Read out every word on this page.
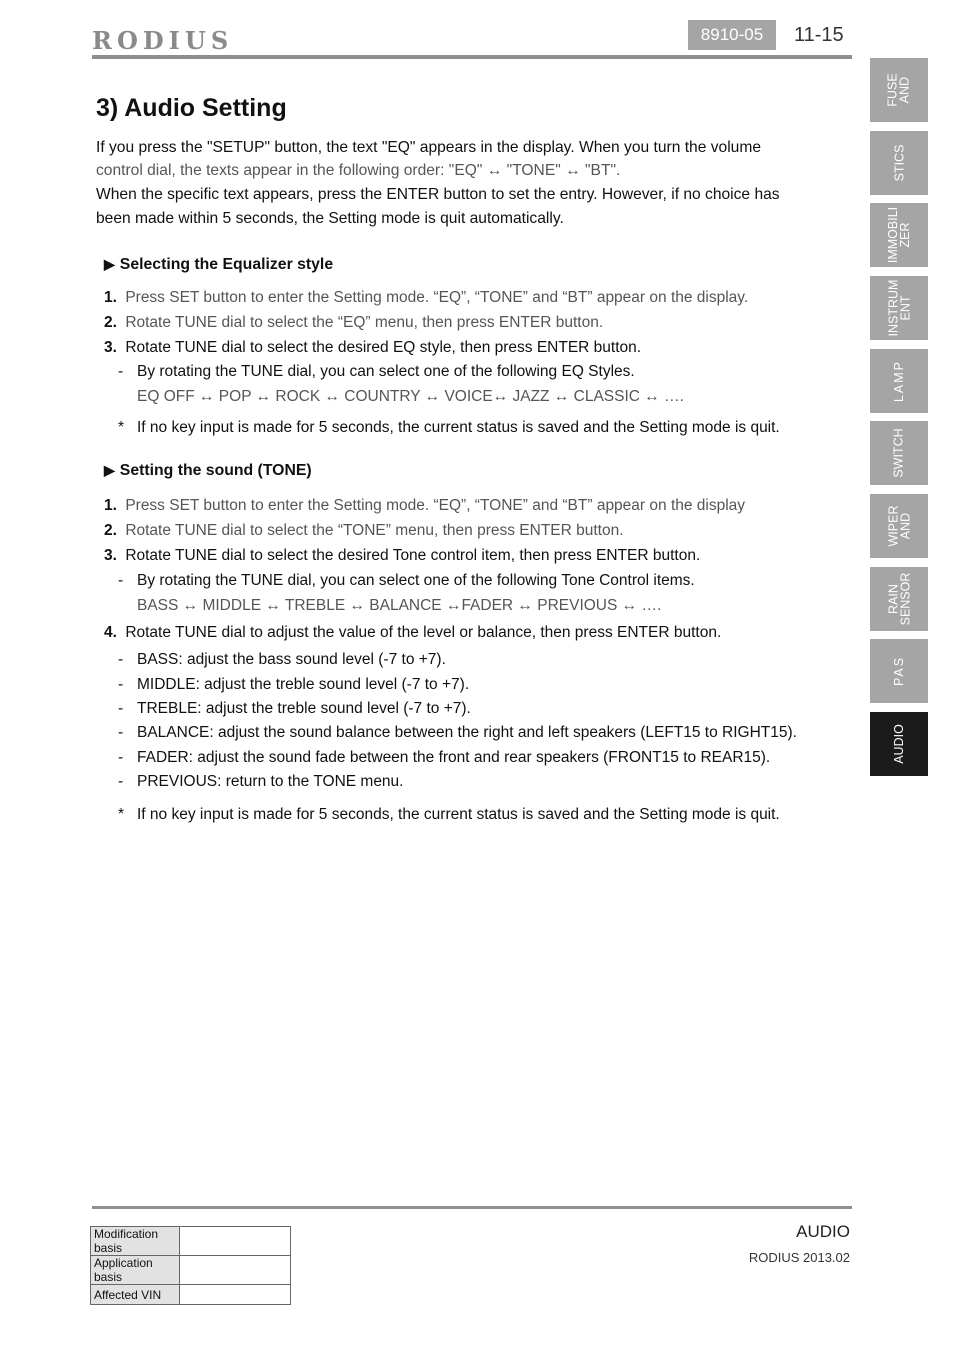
RODIUS	8910-05	11-15
3) Audio Setting
If you press the "SETUP" button, the text "EQ" appears in the display. When you turn the volume
control dial, the texts appear in the following order: "EQ" ↔ "TONE" ↔ "BT".
When the specific text appears, press the ENTER button to set the entry. However, if no choice has
been made within 5 seconds, the Setting mode is quit automatically.
▶ Selecting the Equalizer style
1. Press SET button to enter the Setting mode. “EQ”, “TONE” and “BT” appear on the display.
2. Rotate TUNE dial to select the “EQ” menu, then press ENTER button.
3. Rotate TUNE dial to select the desired EQ style, then press ENTER button.
- By rotating the TUNE dial, you can select one of the following EQ Styles.
EQ OFF ↔ POP ↔ ROCK ↔ COUNTRY ↔ VOICE↔ JAZZ ↔ CLASSIC ↔ ….
* If no key input is made for 5 seconds, the current status is saved and the Setting mode is quit.
▶ Setting the sound (TONE)
1. Press SET button to enter the Setting mode. “EQ”, “TONE” and “BT” appear on the display
2. Rotate TUNE dial to select the “TONE” menu, then press ENTER button.
3. Rotate TUNE dial to select the desired Tone control item, then press ENTER button.
- By rotating the TUNE dial, you can select one of the following Tone Control items.
BASS ↔ MIDDLE ↔ TREBLE ↔ BALANCE ↔FADER ↔ PREVIOUS ↔ ….
4. Rotate TUNE dial to adjust the value of the level or balance, then press ENTER button.
- BASS: adjust the bass sound level (-7 to +7).
- MIDDLE: adjust the treble sound level (-7 to +7).
- TREBLE: adjust the treble sound level (-7 to +7).
- BALANCE: adjust the sound balance between the right and left speakers (LEFT15 to RIGHT15).
- FADER: adjust the sound fade between the front and rear speakers (FRONT15 to REAR15).
- PREVIOUS: return to the TONE menu.
* If no key input is made for 5 seconds, the current status is saved and the Setting mode is quit.
FUSE
AND
STICS
IMMOBILI
ZER
INSTRUM
ENT
LAMP
SWITCH
WIPER
AND
RAIN
SENSOR
PAS
AUDIO
Modification basis	
Application basis	
Affected VIN	
AUDIO
RODIUS 2013.02
